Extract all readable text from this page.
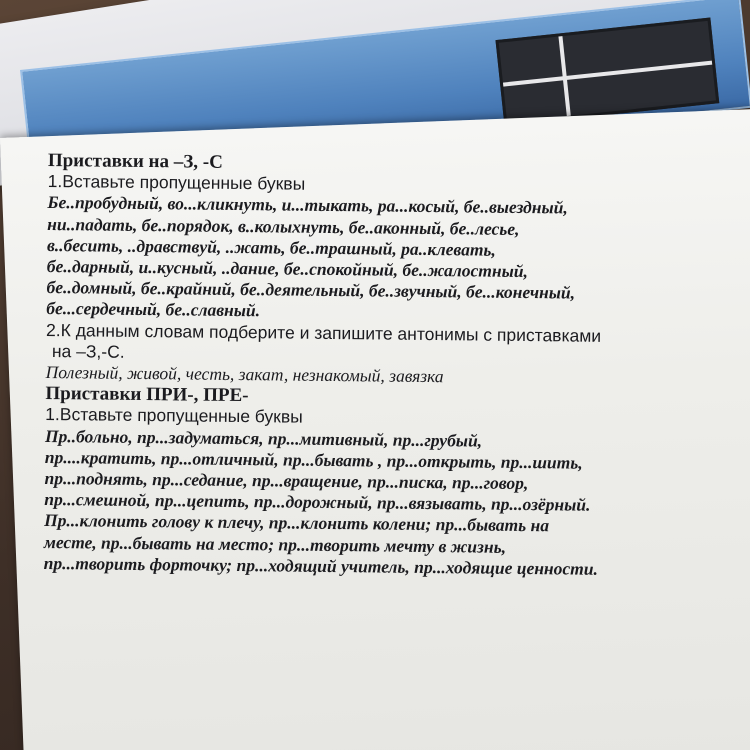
Приставки на –З, -С
1.Вставьте пропущенные буквы
Бе..пробудный, во...кликнуть, и...тыкать, ра...косый, бе..выездный,
ни..падать, бе..порядок, в..колыхнуть, бе..аконный, бе..лесье,
в..бесить, ..дравствуй, ..жать, бе..трашный, ра..клевать,
бе..дарный, и..кусный, ..дание, бе..спокойный, бе..жалостный,
бе..домный, бе..крайний, бе..деятельный, бе..звучный, бе...конечный,
бе...сердечный, бе..славный.
2.К данным словам подберите и запишите антонимы с приставками
на –З,-С.
Полезный, живой, честь, закат, незнакомый, завязка
Приставки ПРИ-, ПРЕ-
1.Вставьте пропущенные буквы
Пр..больно, пр...задуматься, пр...митивный, пр...грубый,
пр....кратить, пр...отличный, пр...бывать , пр...открыть, пр...шить,
пр...поднять, пр...седание, пр...вращение, пр...писка, пр...говор,
пр...смешной, пр...цепить, пр...дорожный, пр...вязывать, пр...озёрный.
Пр...клонить голову к плечу, пр...клонить колени; пр...бывать на
месте, пр...бывать на место; пр...творить мечту в жизнь,
пр...творить форточку; пр...ходящий учитель, пр...ходящие ценности.
